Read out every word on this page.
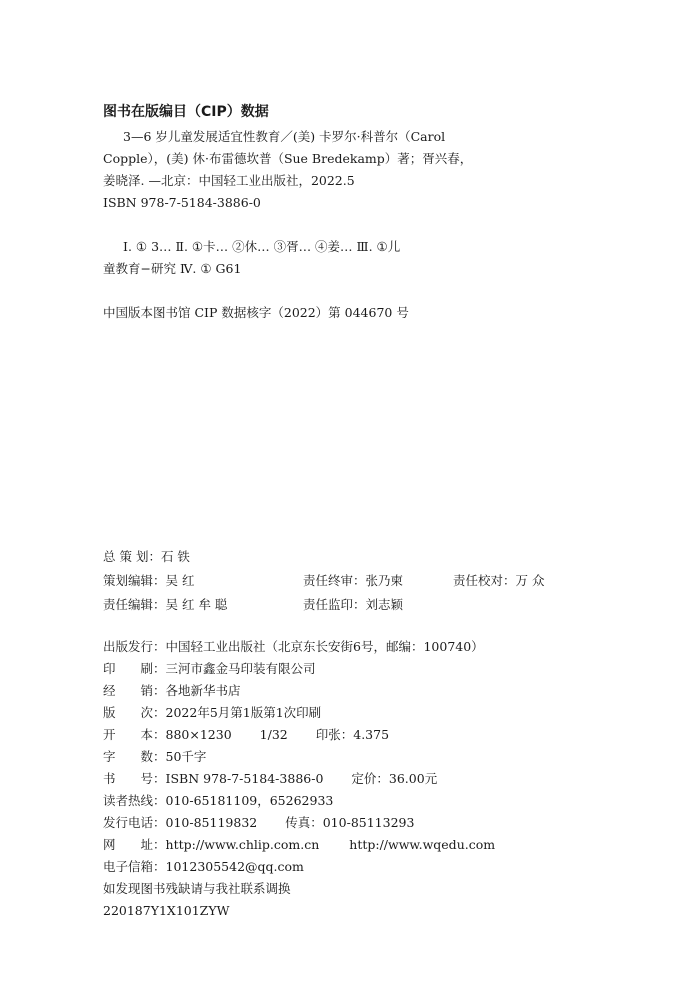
图书在版编目（CIP）数据
3—6 岁儿童发展适宜性教育／(美) 卡罗尔·科普尔（Carol
Copple），(美) 休·布雷德坎普（Sue Bredekamp）著；胥兴春，
姜晓泽. —北京：中国轻工业出版社，2022.5
ISBN 978-7-5184-3886-0
Ⅰ. ① 3… Ⅱ. ①卡… ②休… ③胥… ④姜… Ⅲ. ①儿
童教育−研究 Ⅳ. ① G61
中国版本图书馆 CIP 数据核字（2022）第 044670 号
总 策 划：石 铁
策划编辑：吴 红	责任终审：张乃柬	责任校对：万 众
责任编辑：吴 红 牟 聪	责任监印：刘志颖
出版发行：中国轻工业出版社（北京东长安街6号，邮编：100740）
印　　刷：三河市鑫金马印装有限公司
经　　销：各地新华书店
版　　次：2022年5月第1版第1次印刷
开　　本：880×1230 1/32 印张：4.375
字　　数：50千字
书　　号：ISBN 978-7-5184-3886-0 定价：36.00元
读者热线：010-65181109，65262933
发行电话：010-85119832 传真：010-85113293
网　　址：http://www.chlip.com.cn http://www.wqedu.com
电子信箱：1012305542@qq.com
如发现图书残缺请与我社联系调换
220187Y1X101ZYW
